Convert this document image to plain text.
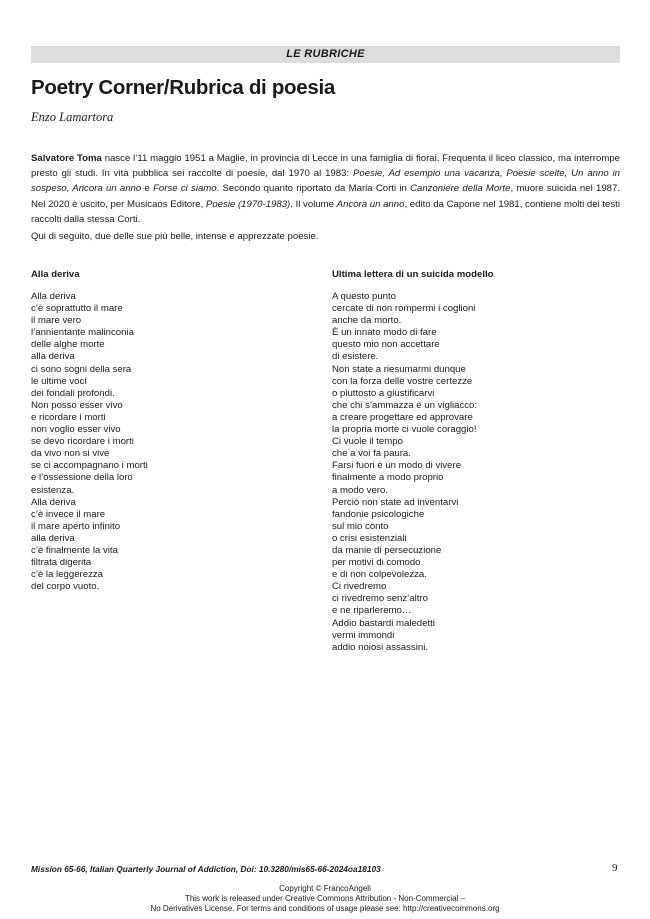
LE RUBRICHE
Poetry Corner/Rubrica di poesia
Enzo Lamartora

Salvatore Toma nasce l’11 maggio 1951 a Maglie, in provincia di Lecce in una famiglia di fiorai. Frequenta il liceo classico, ma interrompe presto gli studi. In vita pubblica sei raccolte di poesie, dal 1970 al 1983: Poesie, Ad esempio una vacanza, Poesie scelte, Un anno in sospeso, Ancora un anno e Forse ci siamo. Secondo quanto riportato da Maria Corti in Canzoniere della Morte, muore suicida nel 1987. Nel 2020 è uscito, per Musicaos Editore, Poesie (1970-1983). Il volume Ancora un anno, edito da Capone nel 1981, contiene molti dei testi raccolti dalla stessa Corti.

Qui di seguito, due delle sue più belle, intense e apprezzate poesie.
Alla deriva
Alla deriva
c’è soprattutto il mare
il mare vero
l’annientante malinconia
delle alghe morte
alla deriva
ci sono sogni della sera
le ultime voci
dei fondali profondi.
Non posso esser vivo
e ricordare i morti
non voglio esser vivo
se devo ricordare i morti
da vivo non si vive
se ci accompagnano i morti
e l’ossessione della loro
esistenza.
Alla deriva
c’è invece il mare
il mare aperto infinito
alla deriva
c’è finalmente la vita
filtrata digerita
c’è la leggerezza
del corpo vuoto.
Ultima lettera di un suicida modello
A questo punto
cercate di non rompermi i coglioni
anche da morto.
È un innato modo di fare
questo mio non accettare
di esistere.
Non state a riesumarmi dunque
con la forza delle vostre certezze
o piuttosto a giustificarvi
che chi s’ammazza è un vigliacco:
a creare progettare ed approvare
la propria morte ci vuole coraggio!
Ci vuole il tempo
che a voi fa paura.
Farsi fuori è un modo di vivere
finalmente a modo proprio
a modo vero.
Perciò non state ad inventarvi
fandonie psicologiche
sul mio conto
o crisi esistenziali
da manie di persecuzione
per motivi di comodo
e di non colpevolezza.
Ci rivedremo
ci rivedremo senz’altro
e ne riparleremo…
Addio bastardi maledetti
vermi immondi
addio noiosi assassini.
Mission 65-66, Italian Quarterly Journal of Addiction, Doi: 10.3280/mis65-66-2024oa18103	9
Copyright © FrancoAngeli
This work is released under Creative Commons Attribution - Non-Commercial –
No Derivatives License. For terms and conditions of usage please see: http://creativecommons.org
